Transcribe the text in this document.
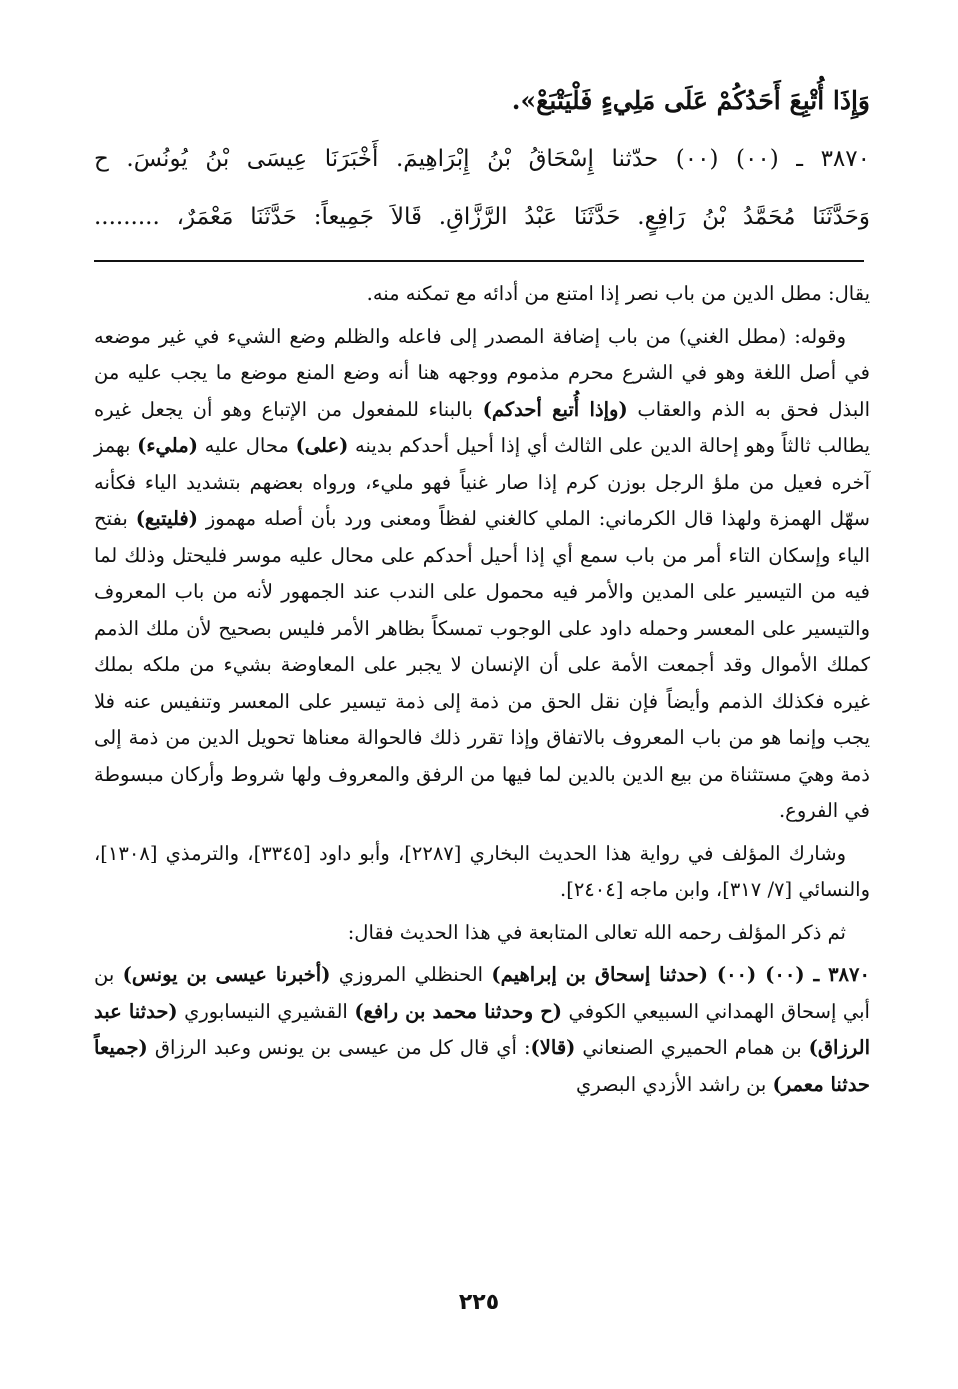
وَإِذَا أُتْبِعَ أَحَدُكُمْ عَلَى مَلِيءٍ فَلْيَتْبَعْ».
٣٨٧٠ ـ (٠٠) (٠٠) حدّثنا إِسْحَاقُ بْنُ إِبْرَاهِيمَ. أَخْبَرَنَا عِيسَى بْنُ يُونُسَ. ح
وَحَدَّثَنَا مُحَمَّدُ بْنُ رَافِعٍ. حَدَّثَنَا عَبْدُ الرَّزَّاقِ. قَالاَ جَمِيعاً: حَدَّثَنَا مَعْمَرٌ، .........

يقال: مطل الدين من باب نصر إذا امتنع من أدائه مع تمكنه منه.

وقوله: (مطل الغني) من باب إضافة المصدر إلى فاعله والظلم وضع الشيء في غير موضعه في أصل اللغة وهو في الشرع محرم مذموم ووجهه هنا أنه وضع المنع موضع ما يجب عليه من البذل فحق به الذم والعقاب (وإذا أُتبع أحدكم) بالبناء للمفعول من الإتباع وهو أن يجعل غيره يطالب ثالثاً وهو إحالة الدين على الثالث أي إذا أحيل أحدكم بدينه (على) محال عليه (مليء) بهمز آخره فعيل من ملؤ الرجل بوزن كرم إذا صار غنياً فهو مليء، ورواه بعضهم بتشديد الياء فكأنه سهّل الهمزة ولهذا قال الكرماني: الملي كالغني لفظاً ومعنى ورد بأن أصله مهموز (فليتبع) بفتح الياء وإسكان التاء أمر من باب سمع أي إذا أحيل أحدكم على محال عليه موسر فليحتل وذلك لما فيه من التيسير على المدين والأمر فيه محمول على الندب عند الجمهور لأنه من باب المعروف والتيسير على المعسر وحمله داود على الوجوب تمسكاً بظاهر الأمر فليس بصحيح لأن ملك الذمم كملك الأموال وقد أجمعت الأمة على أن الإنسان لا يجبر على المعاوضة بشيء من ملكه بملك غيره فكذلك الذمم وأيضاً فإن نقل الحق من ذمة إلى ذمة تيسير على المعسر وتنفيس عنه فلا يجب وإنما هو من باب المعروف بالاتفاق وإذا تقرر ذلك فالحوالة معناها تحويل الدين من ذمة إلى ذمة وهيَ مستثناة من بيع الدين بالدين لما فيها من الرفق والمعروف ولها شروط وأركان مبسوطة في الفروع.

وشارك المؤلف في رواية هذا الحديث البخاري [٢٢٨٧]، وأبو داود [٣٣٤٥]، والترمذي [١٣٠٨]، والنسائي [٧/ ٣١٧]، وابن ماجه [٢٤٠٤].

ثم ذكر المؤلف رحمه الله تعالى المتابعة في هذا الحديث فقال:

٣٨٧٠ ـ (٠٠) (٠٠) (حدثنا إسحاق بن إبراهيم) الحنظلي المروزي (أخبرنا عيسى بن يونس) بن أبي إسحاق الهمداني السبيعي الكوفي (ح وحدثنا محمد بن رافع) القشيري النيسابوري (حدثنا عبد الرزاق) بن همام الحميري الصنعاني (قالا): أي قال كل من عيسى بن يونس وعبد الرزاق (جميعاً حدثنا معمر) بن راشد الأزدي البصري

٢٢٥
